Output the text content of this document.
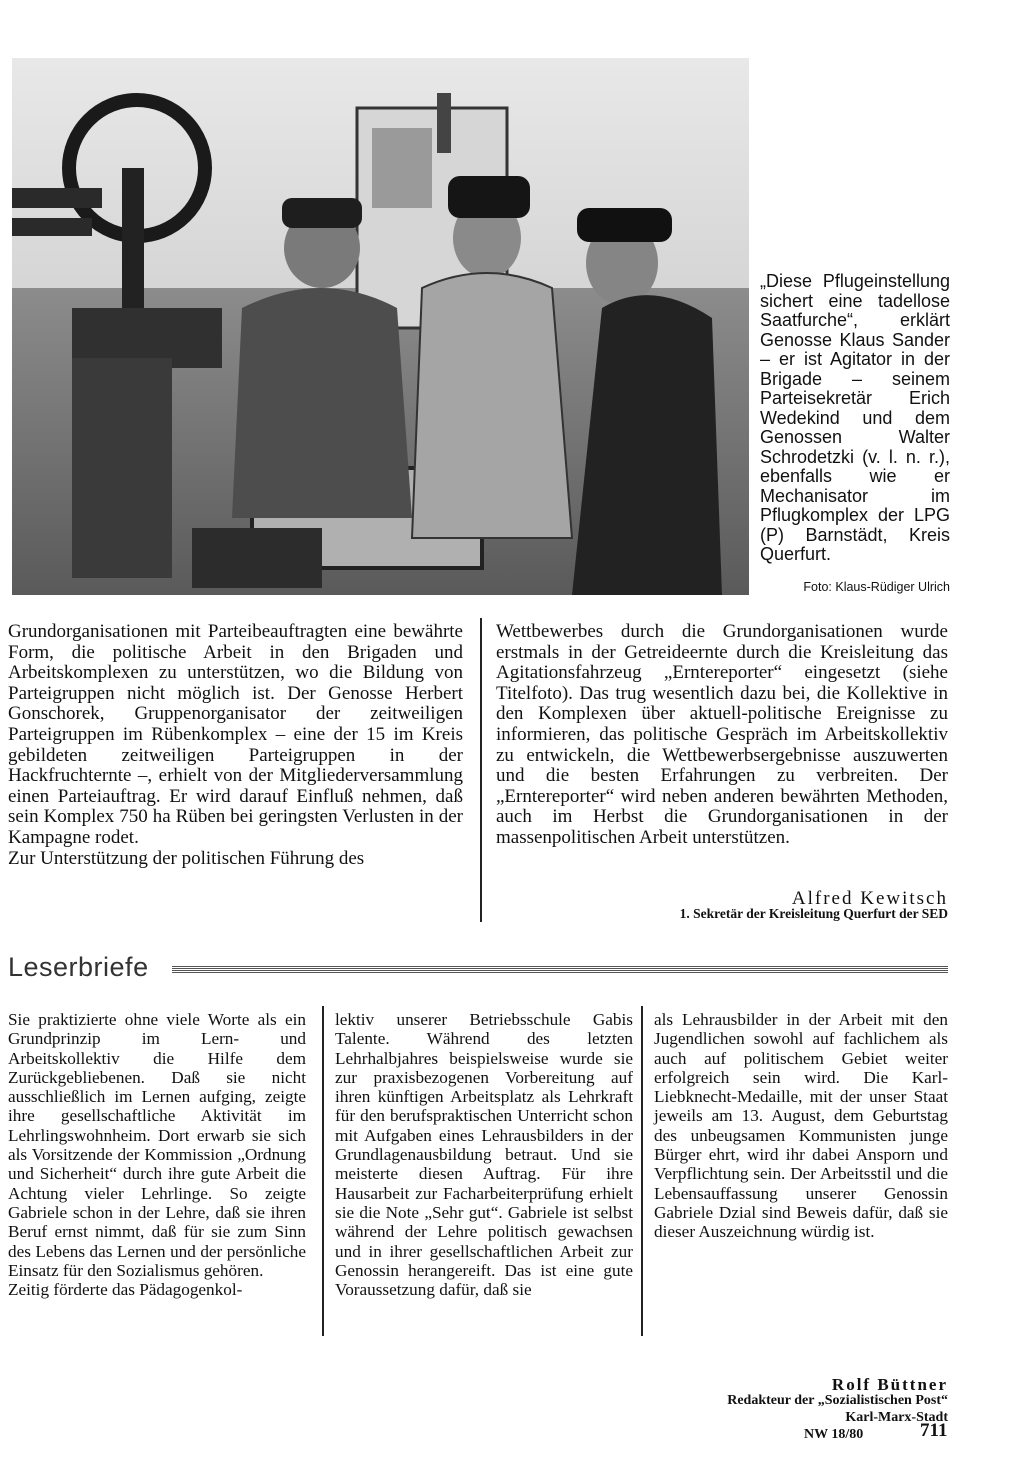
„Diese Pflugeinstellung sichert eine tadellose Saatfurche“, erklärt Genosse Klaus Sander – er ist Agitator in der Brigade – seinem Parteisekretär Erich Wedekind und dem Genossen Walter Schrodetzki (v. l. n. r.), ebenfalls wie er Mechanisator im Pflugkomplex der LPG (P) Barnstädt, Kreis Querfurt.
Foto: Klaus-Rüdiger Ulrich

Grundorganisationen mit Parteibeauftragten eine bewährte Form, die politische Arbeit in den Brigaden und Arbeitskomplexen zu unterstützen, wo die Bildung von Parteigruppen nicht möglich ist. Der Genosse Herbert Gonschorek, Gruppenorganisator der zeitweiligen Parteigruppen im Rübenkomplex – eine der 15 im Kreis gebildeten zeitweiligen Parteigruppen in der Hackfruchternte –, erhielt von der Mitgliederversammlung einen Parteiauftrag. Er wird darauf Einfluß nehmen, daß sein Komplex 750 ha Rüben bei geringsten Verlusten in der Kampagne rodet.

Zur Unterstützung der politischen Führung des

Wettbewerbes durch die Grundorganisationen wurde erstmals in der Getreideernte durch die Kreisleitung das Agitationsfahrzeug „Erntereporter“ eingesetzt (siehe Titelfoto). Das trug wesentlich dazu bei, die Kollektive in den Komplexen über aktuell-politische Ereignisse zu informieren, das politische Gespräch im Arbeitskollektiv zu entwickeln, die Wettbewerbsergebnisse auszuwerten und die besten Erfahrungen zu verbreiten. Der „Erntereporter“ wird neben anderen bewährten Methoden, auch im Herbst die Grundorganisationen in der massenpolitischen Arbeit unterstützen.

Alfred Kewitsch
1. Sekretär der Kreisleitung Querfurt der SED
Leserbriefe

Sie praktizierte ohne viele Worte als ein Grundprinzip im Lern- und Arbeitskollektiv die Hilfe dem Zurückgebliebenen. Daß sie nicht ausschließlich im Lernen aufging, zeigte ihre gesellschaftliche Aktivität im Lehrlingswohnheim. Dort erwarb sie sich als Vorsitzende der Kommission „Ordnung und Sicherheit“ durch ihre gute Arbeit die Achtung vieler Lehrlinge. So zeigte Gabriele schon in der Lehre, daß sie ihren Beruf ernst nimmt, daß für sie zum Sinn des Lebens das Lernen und der persönliche Einsatz für den Sozialismus gehören.

Zeitig förderte das Pädagogenkol-

lektiv unserer Betriebsschule Gabis Talente. Während des letzten Lehrhalbjahres beispielsweise wurde sie zur praxisbezogenen Vorbereitung auf ihren künftigen Arbeitsplatz als Lehrkraft für den berufspraktischen Unterricht schon mit Aufgaben eines Lehrausbilders in der Grundlagenausbildung betraut. Und sie meisterte diesen Auftrag. Für ihre Hausarbeit zur Facharbeiterprüfung erhielt sie die Note „Sehr gut“. Gabriele ist selbst während der Lehre politisch gewachsen und in ihrer gesellschaftlichen Arbeit zur Genossin herangereift. Das ist eine gute Voraussetzung dafür, daß sie

als Lehrausbilder in der Arbeit mit den Jugendlichen sowohl auf fachlichem als auch auf politischem Gebiet weiter erfolgreich sein wird. Die Karl-Liebknecht-Medaille, mit der unser Staat jeweils am 13. August, dem Geburtstag des unbeugsamen Kommunisten junge Bürger ehrt, wird ihr dabei Ansporn und Verpflichtung sein. Der Arbeitsstil und die Lebensauffassung unserer Genossin Gabriele Dzial sind Beweis dafür, daß sie dieser Auszeichnung würdig ist.

Rolf Büttner
Redakteur der „Sozialistischen Post“
Karl-Marx-Stadt
NW 18/80	711
